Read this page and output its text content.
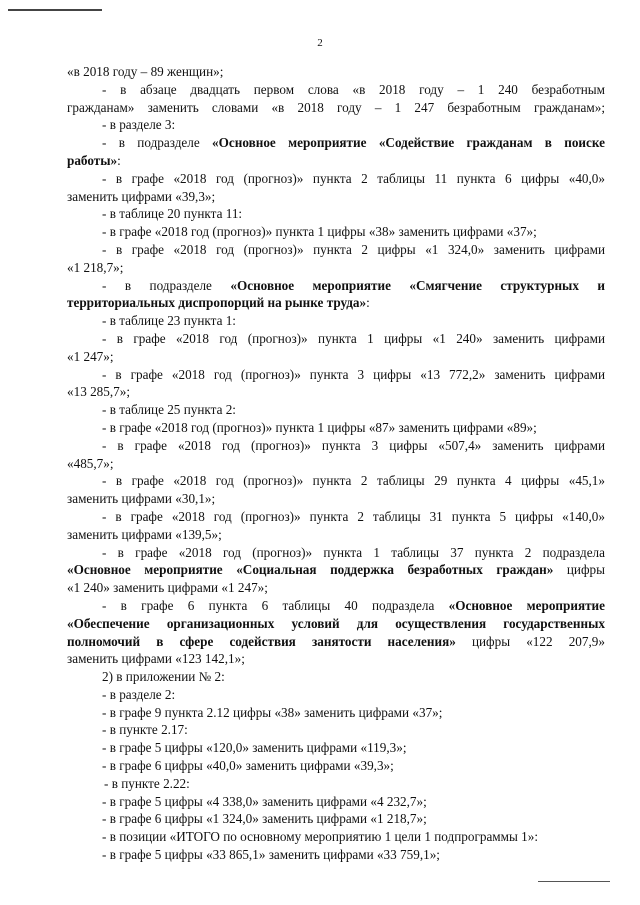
2
«в 2018 году – 89 женщин»;
- в абзаце двадцать первом слова «в 2018 году – 1 240 безработным
гражданам» заменить словами «в 2018 году – 1 247 безработным гражданам»;
- в разделе 3:
- в подразделе «Основное мероприятие «Содействие гражданам в поиске
работы»:
- в графе «2018 год (прогноз)» пункта 2 таблицы 11 пункта 6 цифры «40,0»
заменить цифрами «39,3»;
- в таблице 20 пункта 11:
- в графе «2018 год (прогноз)» пункта 1 цифры «38» заменить цифрами «37»;
- в графе «2018 год (прогноз)» пункта 2 цифры «1 324,0» заменить цифрами
«1 218,7»;
- в подразделе «Основное мероприятие «Смягчение структурных и
территориальных диспропорций на рынке труда»:
- в таблице 23 пункта 1:
- в графе «2018 год (прогноз)» пункта 1 цифры «1 240» заменить цифрами
«1 247»;
- в графе «2018 год (прогноз)» пункта 3 цифры «13 772,2» заменить цифрами
«13 285,7»;
- в таблице 25 пункта 2:
- в графе «2018 год (прогноз)» пункта 1 цифры «87» заменить цифрами «89»;
- в графе «2018 год (прогноз)» пункта 3 цифры «507,4» заменить цифрами
«485,7»;
- в графе «2018 год (прогноз)» пункта 2 таблицы 29 пункта 4 цифры «45,1»
заменить цифрами «30,1»;
- в графе «2018 год (прогноз)» пункта 2 таблицы 31 пункта 5 цифры «140,0»
заменить цифрами «139,5»;
- в графе «2018 год (прогноз)» пункта 1 таблицы 37 пункта 2 подраздела
«Основное мероприятие «Социальная поддержка безработных граждан» цифры
«1 240» заменить цифрами «1 247»;
- в графе 6 пункта 6 таблицы 40 подраздела «Основное мероприятие
«Обеспечение организационных условий для осуществления государственных
полномочий в сфере содействия занятости населения» цифры «122 207,9»
заменить цифрами «123 142,1»;
2) в приложении № 2:
- в разделе 2:
- в графе 9 пункта 2.12 цифры «38» заменить цифрами «37»;
- в пункте 2.17:
- в графе 5 цифры «120,0» заменить цифрами «119,3»;
- в графе 6 цифры «40,0» заменить цифрами «39,3»;
- в пункте 2.22:
- в графе 5 цифры «4 338,0» заменить цифрами «4 232,7»;
- в графе 6 цифры «1 324,0» заменить цифрами «1 218,7»;
- в позиции «ИТОГО по основному мероприятию 1 цели 1 подпрограммы 1»:
- в графе 5 цифры «33 865,1» заменить цифрами «33 759,1»;
